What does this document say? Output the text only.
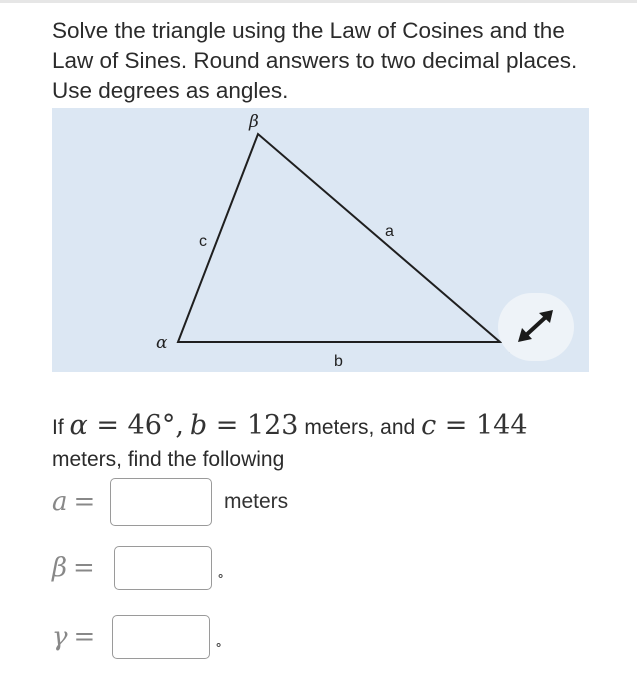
Solve the triangle using the Law of Cosines and the Law of Sines. Round answers to two decimal places. Use degrees as angles.
β
α
c
a
b
If α = 46°, b = 123 meters, and c = 144
meters, find the following
a =	meters
β =	°
γ =	°
